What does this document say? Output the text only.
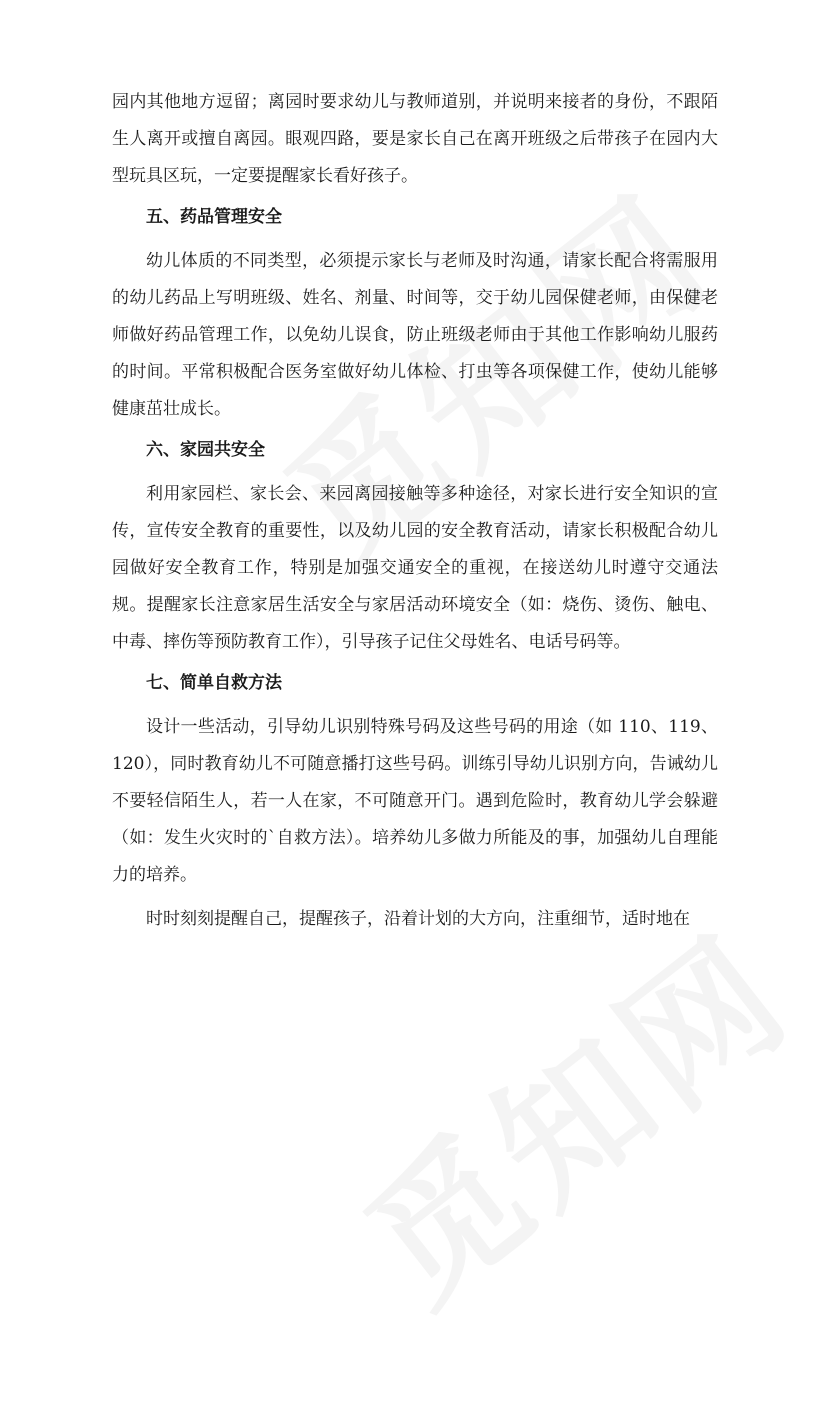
园内其他地方逗留；离园时要求幼儿与教师道别，并说明来接者的身份，不跟陌生人离开或擅自离园。眼观四路，要是家长自己在离开班级之后带孩子在园内大型玩具区玩，一定要提醒家长看好孩子。

五、药品管理安全

幼儿体质的不同类型，必须提示家长与老师及时沟通，请家长配合将需服用的幼儿药品上写明班级、姓名、剂量、时间等，交于幼儿园保健老师，由保健老师做好药品管理工作，以免幼儿误食，防止班级老师由于其他工作影响幼儿服药的时间。平常积极配合医务室做好幼儿体检、打虫等各项保健工作，使幼儿能够健康茁壮成长。

六、家园共安全

利用家园栏、家长会、来园离园接触等多种途径，对家长进行安全知识的宣传，宣传安全教育的重要性，以及幼儿园的安全教育活动，请家长积极配合幼儿园做好安全教育工作，特别是加强交通安全的重视，在接送幼儿时遵守交通法规。提醒家长注意家居生活安全与家居活动环境安全（如：烧伤、烫伤、触电、中毒、摔伤等预防教育工作），引导孩子记住父母姓名、电话号码等。

七、简单自救方法

设计一些活动，引导幼儿识别特殊号码及这些号码的用途（如 110、119、120），同时教育幼儿不可随意播打这些号码。训练引导幼儿识别方向，告诫幼儿不要轻信陌生人，若一人在家，不可随意开门。遇到危险时，教育幼儿学会躲避（如：发生火灾时的`自救方法）。培养幼儿多做力所能及的事，加强幼儿自理能力的培养。

时时刻刻提醒自己，提醒孩子，沿着计划的大方向，注重细节，适时地在
